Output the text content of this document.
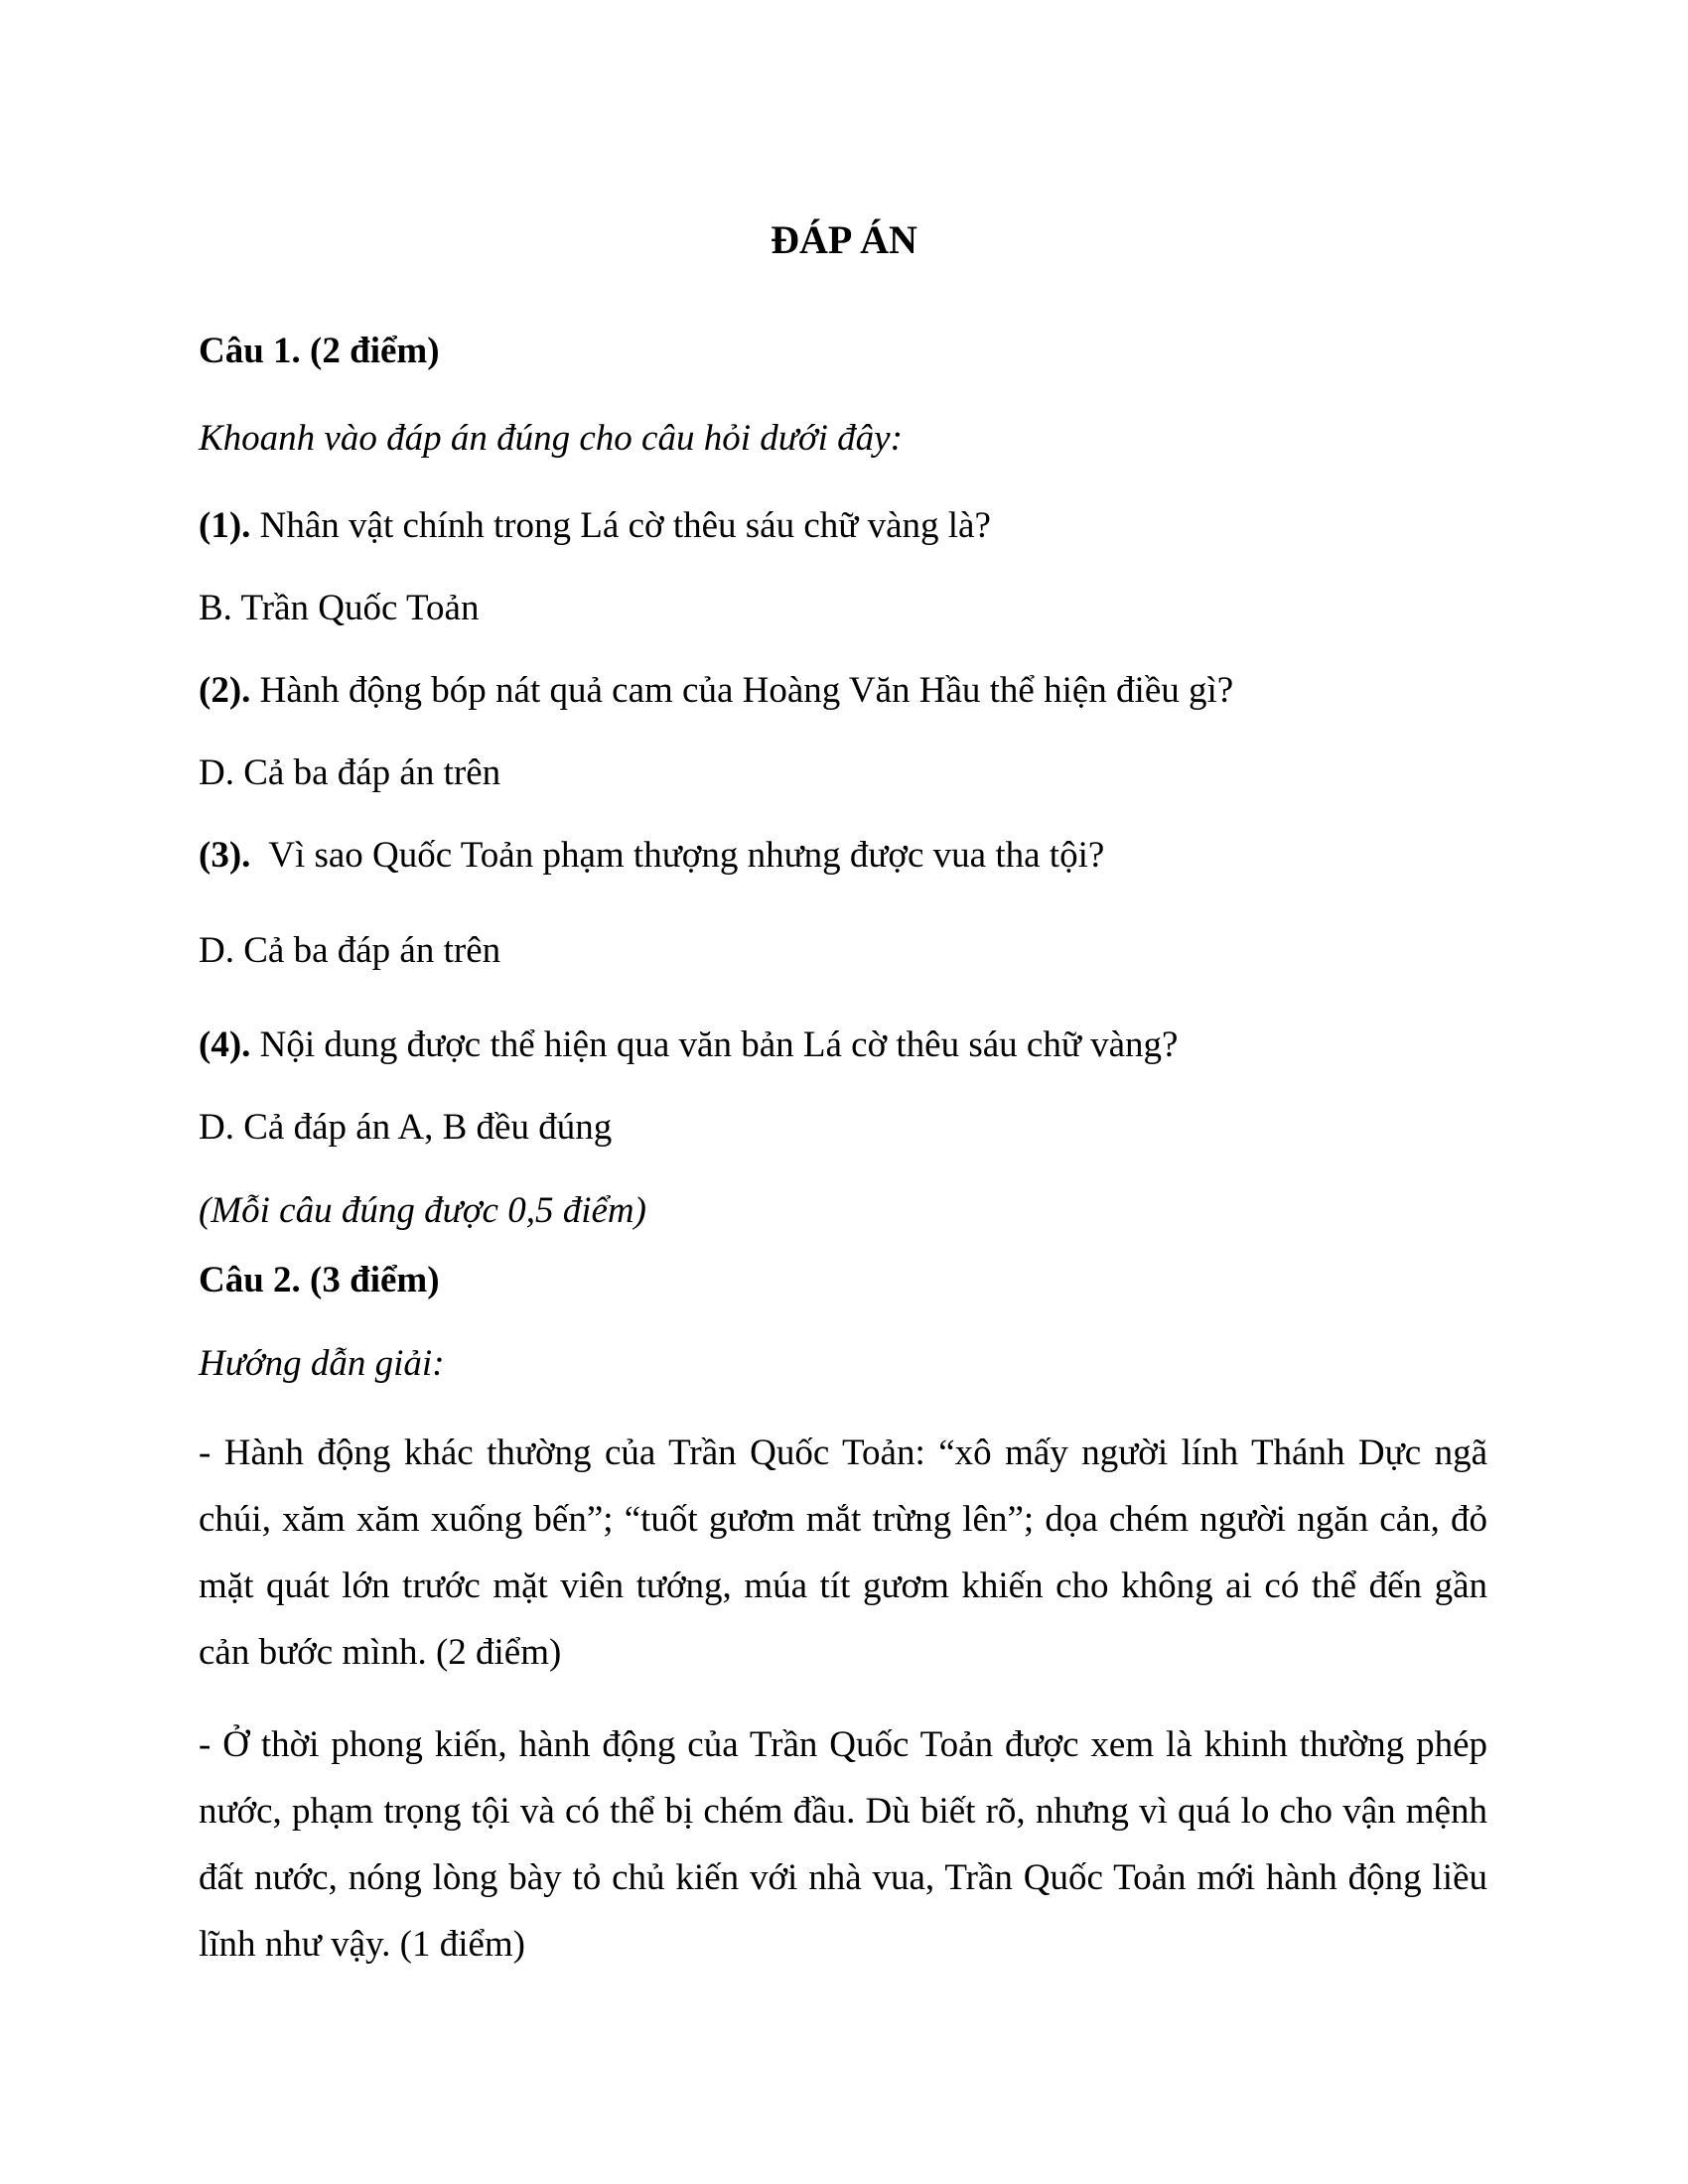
ĐÁP ÁN
Câu 1. (2 điểm)
Khoanh vào đáp án đúng cho câu hỏi dưới đây:
(1). Nhân vật chính trong Lá cờ thêu sáu chữ vàng là?
B. Trần Quốc Toản
(2). Hành động bóp nát quả cam của Hoàng Văn Hầu thể hiện điều gì?
D. Cả ba đáp án trên
(3).  Vì sao Quốc Toản phạm thượng nhưng được vua tha tội?
D. Cả ba đáp án trên
(4). Nội dung được thể hiện qua văn bản Lá cờ thêu sáu chữ vàng?
D. Cả đáp án A, B đều đúng
(Mỗi câu đúng được 0,5 điểm)
Câu 2. (3 điểm)
Hướng dẫn giải:
- Hành động khác thường của Trần Quốc Toản: “xô mấy người lính Thánh Dực ngã chúi, xăm xăm xuống bến”; “tuốt gươm mắt trừng lên”; dọa chém người ngăn cản, đỏ mặt quát lớn trước mặt viên tướng, múa tít gươm khiến cho không ai có thể đến gần cản bước mình. (2 điểm)
- Ở thời phong kiến, hành động của Trần Quốc Toản được xem là khinh thường phép nước, phạm trọng tội và có thể bị chém đầu. Dù biết rõ, nhưng vì quá lo cho vận mệnh đất nước, nóng lòng bày tỏ chủ kiến với nhà vua, Trần Quốc Toản mới hành động liều lĩnh như vậy. (1 điểm)
